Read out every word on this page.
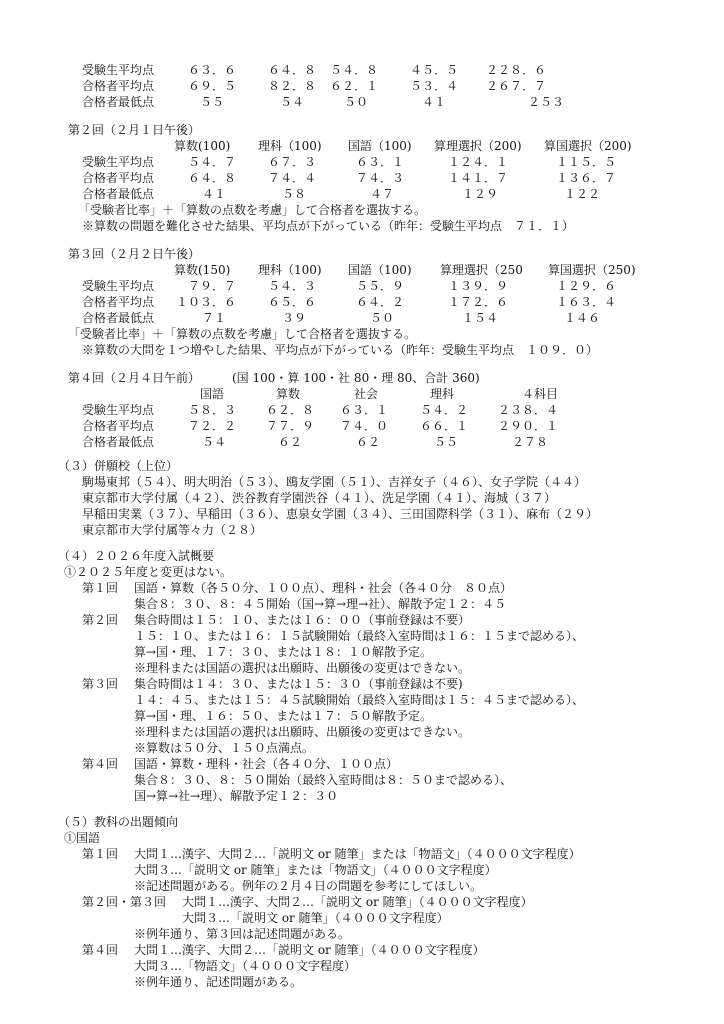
受験生平均点	６３．６	６４．８ ５４．８	４５．５ ２２８．６
合格者平均点	６９．５	８２．８ ６２．１	５３．４ ２６７．７
合格者最低点	５５	５４	５０	４１	２５３
第２回（２月１日午後）
算数(100) 理科（100) 国語（100) 算理選択（200) 算国選択（200)
受験生平均点	５４．７	６７．３	６３．１	１２４．１	１１５．５
合格者平均点	６４．８	７４．４	７４．３	１４１．７	１３６．７
合格者最低点	４１	５８	４７	１２９	１２２
「受験者比率」＋「算数の点数を考慮」して合格者を選抜する。
※算数の問題を難化させた結果、平均点が下がっている（昨年：受験生平均点　７１．１）
第３回（２月２日午後）
算数(150) 理科（100) 国語（100) 算理選択（250 算国選択（250)
受験生平均点	７９．７	５４．３	５５．９	１３９．９	１２９．６
合格者平均点 １０３．６	６５．６	６４．２	１７２．６	１６３．４
合格者最低点	７１	３９	５０	１５４	１４６
「受験者比率」＋「算数の点数を考慮」して合格者を選抜する。
※算数の大問を１つ増やした結果、平均点が下がっている（昨年：受験生平均点　１０９．０）
第４回（２月４日午前）	(国 100・算 100・社 80・理 80、合計 360)
国語	算数	社会	理科	４科目
受験生平均点	５８．３ ６２．８ ６３．１	５４．２ ２３８．４
合格者平均点	７２．２ ７７．９ ７４．０	６６．１ ２９０．１
合格者最低点	５４	６２	６２	５５	２７８
（３）併願校（上位）
駒場東邦（５４）、明大明治（５３）、鴎友学園（５１）、吉祥女子（４６）、女子学院（４４）
東京都市大学付属（４２）、渋谷教育学園渋谷（４１）、洗足学園（４１）、海城（３７）
早稲田実業（３７）、早稲田（３６）、恵泉女学園（３４）、三田国際科学（３１）、麻布（２９）
東京都市大学付属等々力（２８）
（４）２０２６年度入試概要
①２０２５年度と変更はない。
第１回 国語・算数（各５０分、１００点）、理科・社会（各４０分　８０点）
集合８：３０、８：４５開始（国→算→理→社）、解散予定１２：４５
第２回 集合時間は１５：１０、または１６：００（事前登録は不要）
１５：１０、または１６：１５試験開始（最終入室時間は１６：１５まで認める）、
算→国・理、１７：３０、または１８：１０解散予定。
※理科または国語の選択は出願時、出願後の変更はできない。
第３回 集合時間は１４：３０、または１５：３０（事前登録は不要)
１４：４５、または１５：４５試験開始（最終入室時間は１５：４５まで認める）、
算→国・理、１６：５０、または１７：５０解散予定。
※理科または国語の選択は出願時、出願後の変更はできない。
※算数は５０分、１５０点満点。
第４回 国語・算数・理科・社会（各４０分、１００点）
集合８：３０、８：５０開始（最終入室時間は８：５０まで認める）、
国→算→社→理）、解散予定１２：３０
（５）教科の出題傾向
①国語
第１回 大問１…漢字、大問２…「説明文 or 随筆」または「物語文」（４０００文字程度）
大問３…「説明文 or 随筆」または「物語文」（４０００文字程度）
※記述問題がある。例年の２月４日の問題を参考にしてほしい。
第２回・第３回 大問１…漢字、大問２…「説明文 or 随筆」（４０００文字程度）
大問３…「説明文 or 随筆」（４０００文字程度）
※例年通り、第３回は記述問題がある。
第４回 大問１…漢字、大問２…「説明文 or 随筆」（４０００文字程度）
大問３…「物語文」（４０００文字程度）
※例年通り、記述問題がある。
